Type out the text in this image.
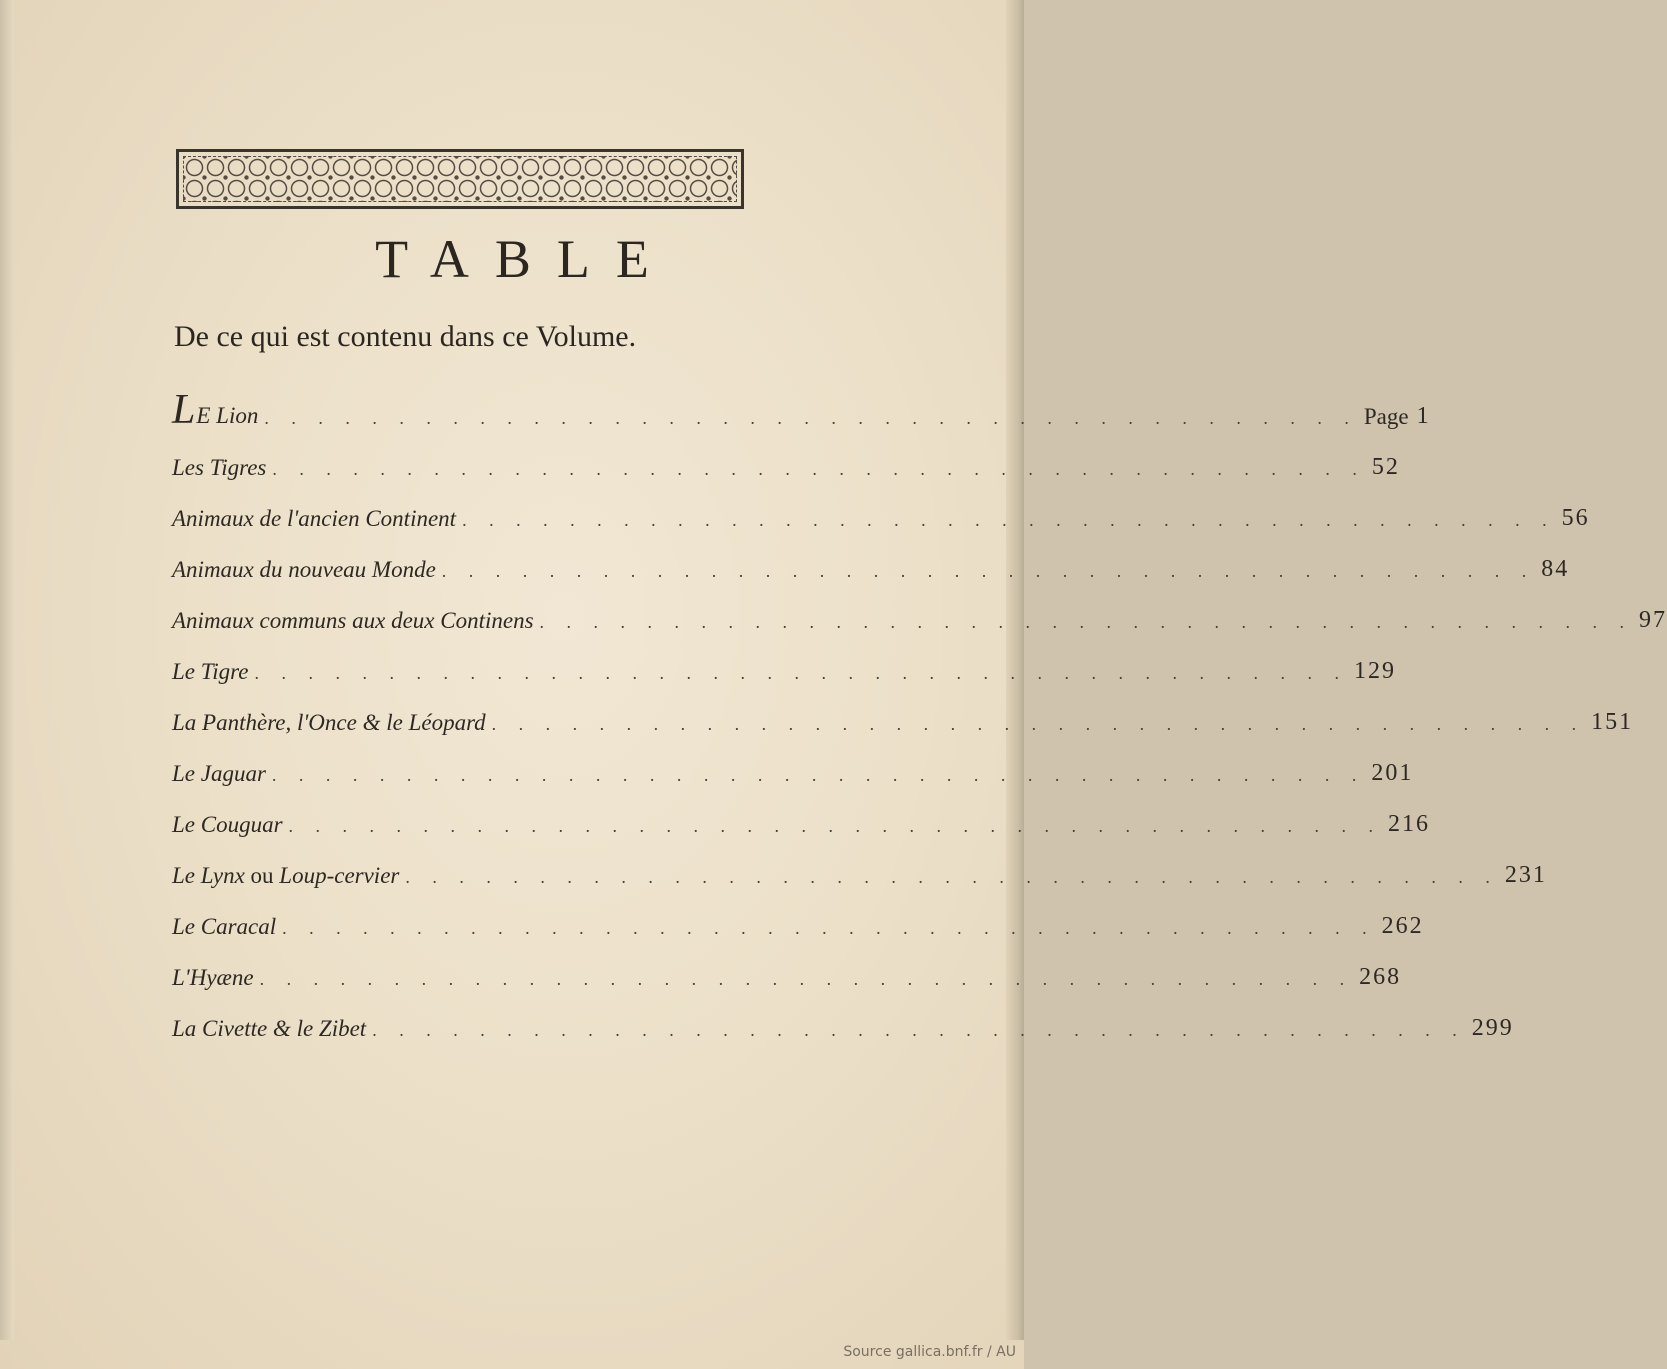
TABLE
De ce qui est contenu dans ce Volume.
LE Lion . . . . . . . . . . . . . . . . . . . . . . . . . . . . . . . . . . . . . . . . . Page 1
Les Tigres . . . . . . . . . . . . . . . . . . . . . . . . . . . . . . . . . . . . . . . . . 52
Animaux de l'ancien Continent . . . . . . . . . . . . . . . . . . . . . . . . . . . . . . . . . . . . . . . . . 56
Animaux du nouveau Monde . . . . . . . . . . . . . . . . . . . . . . . . . . . . . . . . . . . . . . . . . 84
Animaux communs aux deux Continens . . . . . . . . . . . . . . . . . . . . . . . . . . . . . . . . . . . . . . . . . 97
Le Tigre . . . . . . . . . . . . . . . . . . . . . . . . . . . . . . . . . . . . . . . . . 129
La Panthère, l'Once & le Léopard . . . . . . . . . . . . . . . . . . . . . . . . . . . . . . . . . . . . . . . . . 151
Le Jaguar . . . . . . . . . . . . . . . . . . . . . . . . . . . . . . . . . . . . . . . . . 201
Le Couguar . . . . . . . . . . . . . . . . . . . . . . . . . . . . . . . . . . . . . . . . . 216
Le Lynx ou Loup-cervier . . . . . . . . . . . . . . . . . . . . . . . . . . . . . . . . . . . . . . . . . 231
Le Caracal . . . . . . . . . . . . . . . . . . . . . . . . . . . . . . . . . . . . . . . . . 262
L'Hyæne . . . . . . . . . . . . . . . . . . . . . . . . . . . . . . . . . . . . . . . . . 268
La Civette & le Zibet . . . . . . . . . . . . . . . . . . . . . . . . . . . . . . . . . . . . . . . . . 299
Source gallica.bnf.fr / AU
